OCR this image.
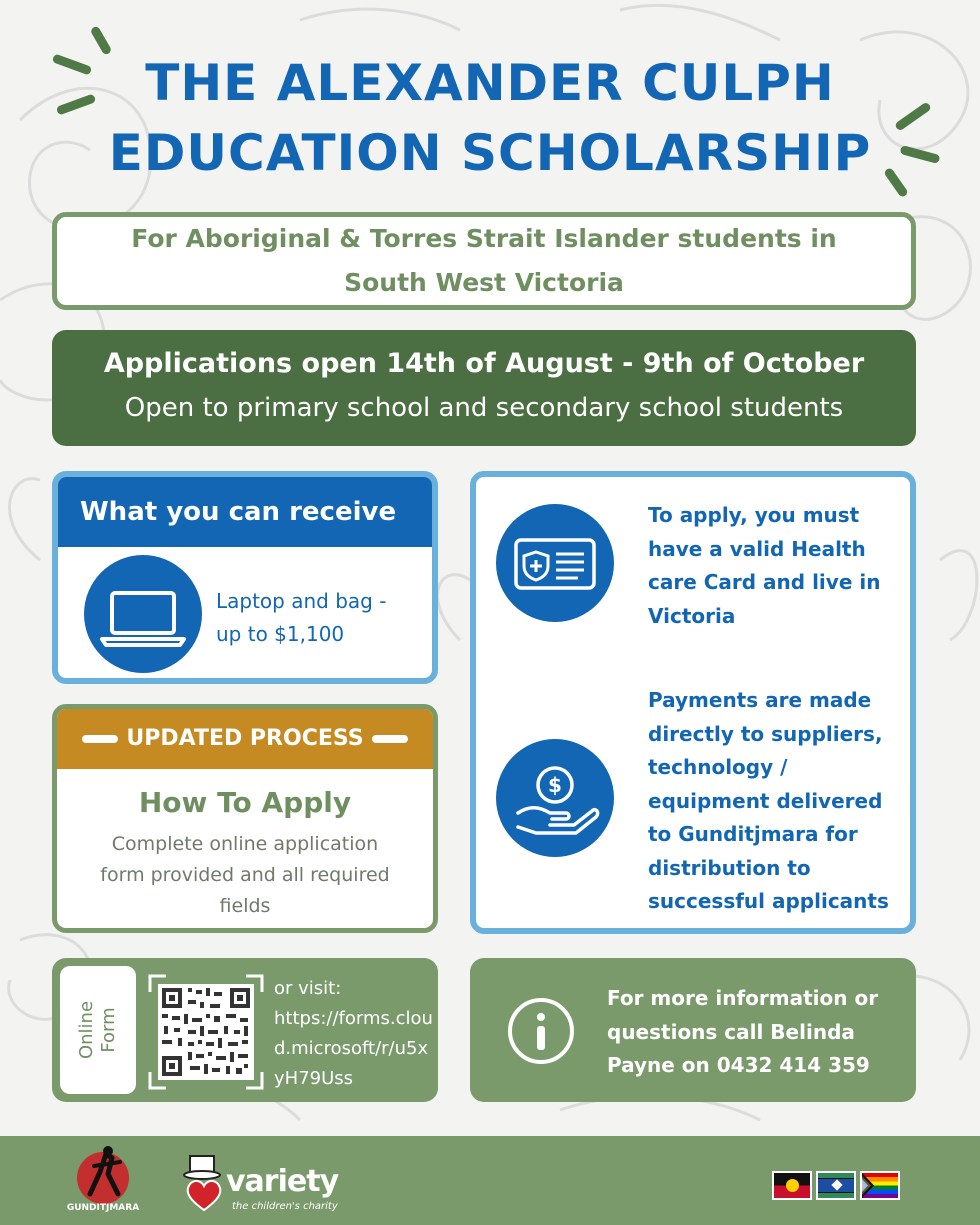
THE ALEXANDER CULPH
EDUCATION SCHOLARSHIP
For Aboriginal & Torres Strait Islander students in South West Victoria
Applications open 14th of August - 9th of October
Open to primary school and secondary school students
What you can receive
Laptop and bag - up to $1,100
UPDATED PROCESS
How To Apply
Complete online application form provided and all required fields
To apply, you must have a valid Health care Card and live in Victoria
$
Payments are made directly to suppliers, technology / equipment delivered to Gunditjmara for distribution to successful applicants
Online Form
or visit:
https://forms.cloud.microsoft/r/u5xyH79Uss
For more information or questions call Belinda Payne on 0432 414 359
GUNDITJMARA
variety
the children's charity
